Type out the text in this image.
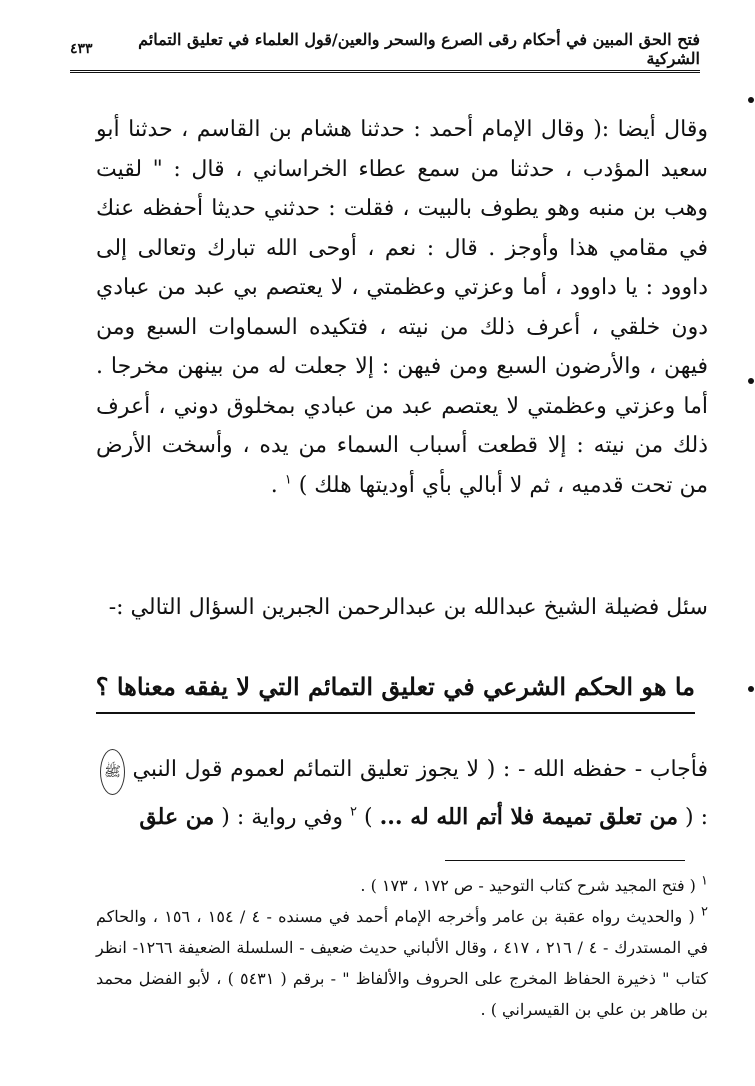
فتح الحق المبين في أحكام رقى الصرع والسحر والعين/قول العلماء في تعليق التمائم الشركية
٤٣٣

وقال أيضا :( وقال الإمام أحمد : حدثنا هشام بن القاسم ، حدثنا أبو سعيد المؤدب ، حدثنا من سمع عطاء الخراساني ، قال : " لقيت وهب بن منبه وهو يطوف بالبيت ، فقلت : حدثني حديثا أحفظه عنك في مقامي هذا وأوجز . قال : نعم ، أوحى الله تبارك وتعالى إلى داوود : يا داوود ، أما وعزتي وعظمتي ، لا يعتصم بي عبد من عبادي دون خلقي ، أعرف ذلك من نيته ، فتكيده السماوات السبع ومن فيهن ، والأرضون السبع ومن فيهن : إلا جعلت له من بينهن مخرجا . أما وعزتي وعظمتي لا يعتصم عبد من عبادي بمخلوق دوني ، أعرف ذلك من نيته : إلا قطعت أسباب السماء من يده ، وأسخت الأرض من تحت قدميه ، ثم لا أبالي بأي أوديتها هلك ) $^١$ .

سئل فضيلة الشيخ عبدالله بن عبدالرحمن الجبرين السؤال التالي :-
ما هو الحكم الشرعي في تعليق التمائم التي لا يفقه معناها ؟

فأجاب - حفظه الله - : ( لا يجوز تعليق التمائم لعموم قول النبي ﷺ : ( من تعلق تميمة فلا أتم الله له ... ) $^٢$ وفي رواية : ( من علق

$^١$ ( فتح المجيد شرح كتاب التوحيد - ص ١٧٢ ، ١٧٣ ) .

$^٢$ ( والحديث رواه عقبة بن عامر وأخرجه الإمام أحمد في مسنده - ٤ / ١٥٤ ، ١٥٦ ، والحاكم في المستدرك - ٤ / ٢١٦ ، ٤١٧ ، وقال الألباني حديث ضعيف - السلسلة الضعيفة ١٢٦٦- انظر كتاب " ذخيرة الحفاظ المخرج على الحروف والألفاظ " - برقم ( ٥٤٣١ ) ، لأبو الفضل محمد بن طاهر بن علي بن القيسراني ) .
